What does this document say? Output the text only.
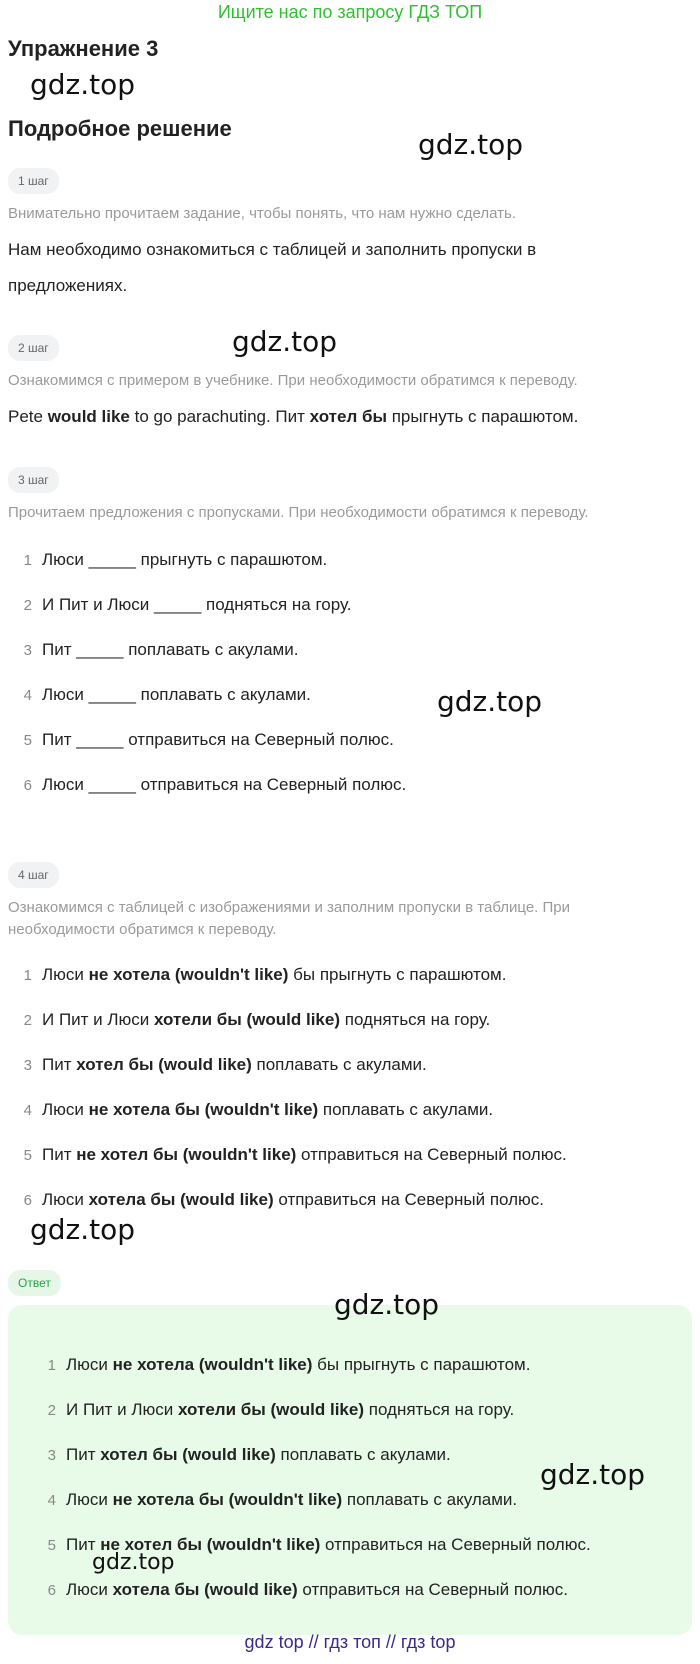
Ищите нас по запросу ГДЗ ТОП
Упражнение 3
gdz.top
Подробное решение	gdz.top
1 шаг
Внимательно прочитаем задание, чтобы понять, что нам нужно сделать.
Нам необходимо ознакомиться с таблицей и заполнить пропуски в предложениях.
2 шаг	gdz.top
Ознакомимся с примером в учебнике. При необходимости обратимся к переводу.
Pete would like to go parachuting. Пит хотел бы прыгнуть с парашютом.
3 шаг
Прочитаем предложения с пропусками. При необходимости обратимся к переводу.
1 Люси _____ прыгнуть с парашютом.
2 И Пит и Люси _____ подняться на гору.
3 Пит _____ поплавать с акулами.
4 Люси _____ поплавать с акулами.
5 Пит _____ отправиться на Северный полюс.
6 Люси _____ отправиться на Северный полюс.
gdz.top
4 шаг
Ознакомимся с таблицей с изображениями и заполним пропуски в таблице. При необходимости обратимся к переводу.
1 Люси не хотела (wouldn't like) бы прыгнуть с парашютом.
2 И Пит и Люси хотели бы (would like) подняться на гору.
3 Пит хотел бы (would like) поплавать с акулами.
4 Люси не хотела бы (wouldn't like) поплавать с акулами.
5 Пит не хотел бы (wouldn't like) отправиться на Северный полюс.
6 Люси хотела бы (would like) отправиться на Северный полюс.
gdz.top
Ответ
gdz.top
1 Люси не хотела (wouldn't like) бы прыгнуть с парашютом.
2 И Пит и Люси хотели бы (would like) подняться на гору.
3 Пит хотел бы (would like) поплавать с акулами.
4 Люси не хотела бы (wouldn't like) поплавать с акулами.
5 Пит не хотел бы (wouldn't like) отправиться на Северный полюс.
6 Люси хотела бы (would like) отправиться на Северный полюс.
gdz.top
gdz.top
gdz top // гдз топ // гдз top
